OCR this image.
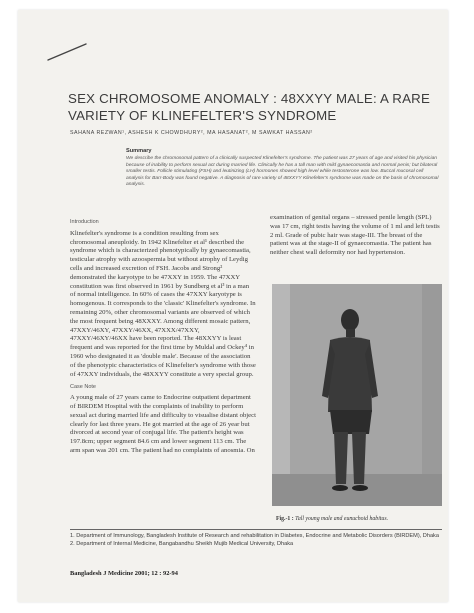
SEX CHROMOSOME ANOMALY : 48XXYY MALE: A RARE VARIETY OF KLINEFELTER'S SYNDROME
SAHANA REZWAN¹, ASHESH K CHOWDHURY², MA HASANAT², M SAWKAT HASSAN²
Summary

We describe the chromosomal pattern of a clinically suspected Klinefelter's syndrome. The patient was 27 years of age and visited his physician because of inability to perform sexual act during married life. Clinically he has a tall man with mild gynaecomastia and normal penis; but bilateral smaller testis. Follicle stimulating (FSH) and leutinizing (LH) hormones showed high level while testosterone was low. Buccal mucosal cell analysis for Barr-Body was found negative. A diagnosis of rare variety of 48XXYY Klinefelter's syndrome was made on the basis of chromosomal analysis.

Introduction

Klinefelter's syndrome is a condition resulting from sex chromosomal aneuploidy. In 1942 Klinefelter et al¹ described the syndrome which is characterized phenotypically by gynaecomastia, testicular atrophy with azoospermia but without atrophy of Leydig cells and increased excretion of FSH. Jacobs and Strong² demonstrated the karyotype to be 47XXY in 1959. The 47XXY constitution was first observed in 1961 by Sundberg et al³ in a man of normal intelligence. In 60% of cases the 47XXY karyotype is homogenous. It corresponds to the 'classic' Klinefelter's syndrome. In remaining 20%, other chromosomal variants are observed of which the most frequent being 48XXXY. Among different mosaic pattern, 47XXY/46XY, 47XXY/46XX, 47XXX/47XXY, 47XXY/46XY/46XX have been reported. The 48XXYY is least frequent and was reported for the first time by Muldal and Ockey⁴ in 1960 who designated it as 'double male'. Because of the association of the phenotypic characteristics of Klinefelter's syndrome with those of 47XXY individuals, the 48XXYY constitute a very special group.

Case Note

A young male of 27 years came to Endocrine outpatient department of BIRDEM Hospital with the complaints of inability to perform sexual act during married life and difficulty to visualise distant object clearly for last three years. He got married at the age of 26 year but divorced at second year of conjugal life. The patient's height was 197.8cm; upper segment 84.6 cm and lower segment 113 cm. The arm span was 201 cm. The patient had no complaints of anosmia. On

examination of genital organs – stressed penile length (SPL) was 17 cm, right testis having the volume of 1 ml and left testis 2 ml. Grade of pubic hair was stage-III. The breast of the patient was at the stage-II of gynaecomastia. The patient has neither chest wall deformity nor had hypertension.

Fig.-1 : Tall young male and eunuchoid habitus.

1. Department of Immunology, Bangladesh Institute of Research and rehabilitation in Diabetes, Endocrine and Metabolic Disorders (BIRDEM), Dhaka

2. Department of Internal Medicine, Bangabandhu Sheikh Mujib Medical University, Dhaka

Bangladesh J Medicine 2001; 12 : 92-94
